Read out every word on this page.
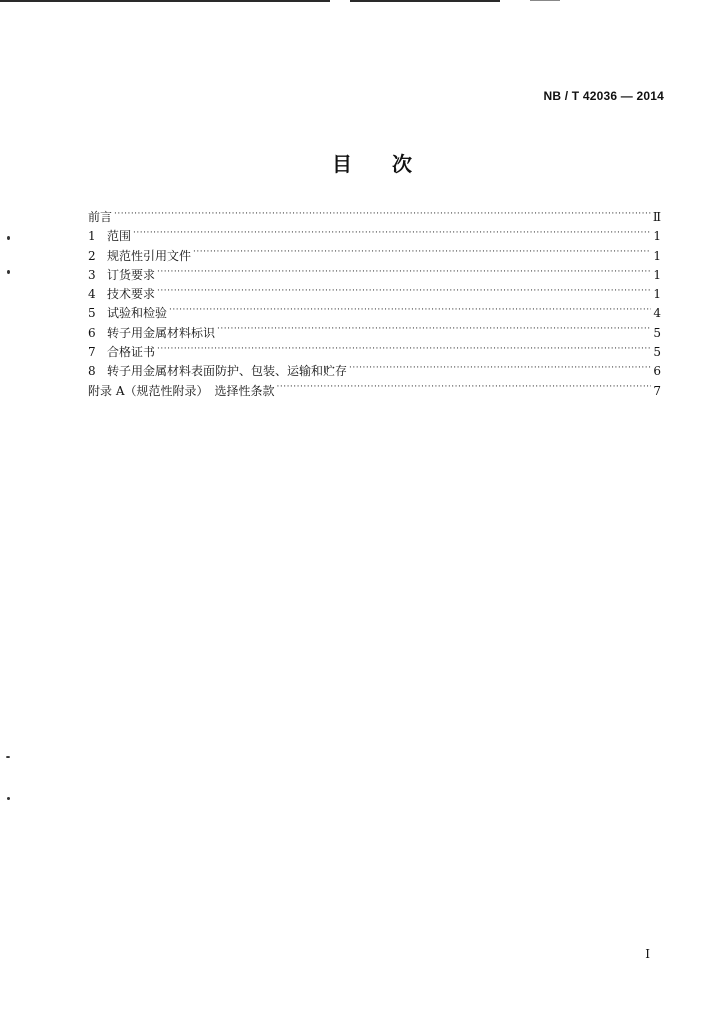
NB / T 42036 — 2014
目　　次
前言 ·····	Ⅱ
1 范围 ·····	1
2 规范性引用文件 ·····	1
3 订货要求 ·····	1
4 技术要求 ·····	1
5 试验和检验 ·····	4
6 转子用金属材料标识 ·····	5
7 合格证书 ·····	5
8 转子用金属材料表面防护、包装、运输和贮存 ·····	6
附录 A（规范性附录）　选择性条款 ·····	7
I
